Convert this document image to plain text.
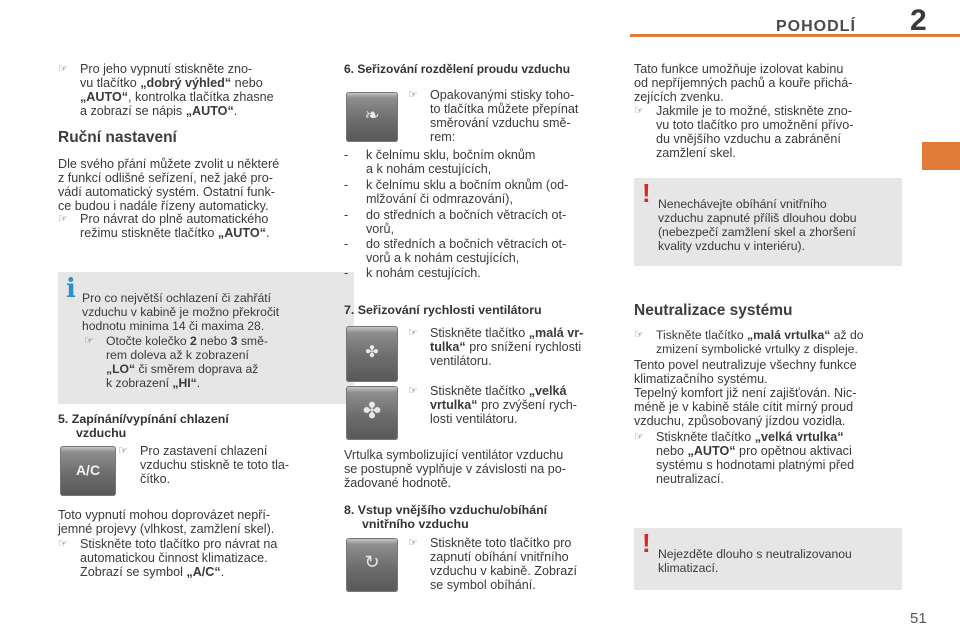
POHODLÍ 2
51
☞ Pro jeho vypnutí stiskněte zno-
vu tlačítko „dobrý výhled“ nebo
„AUTO“, kontrolka tlačítka zhasne
a zobrazí se nápis „AUTO“.
Ruční nastavení
Dle svého přání můžete zvolit u některé
z funkcí odlišné seřízení, než jaké pro-
vádí automatický systém. Ostatní funk-
ce budou i nadále řízeny automaticky.
☞ Pro návrat do plně automatického
režimu stiskněte tlačítko „AUTO“.
i Pro co největší ochlazení či zahřátí
vzduchu v kabině je možno překročit
hodnotu minima 14 či maxima 28.
☞ Otočte kolečko 2 nebo 3 smě-
rem doleva až k zobrazení
„LO“ či směrem doprava až
k zobrazení „HI“.
5. Zapínání/vypínání chlazení
vzduchu
A/C
☞ Pro zastavení chlazení
vzduchu stiskně te toto tla-
čítko.
Toto vypnutí mohou doprovázet nepří-
jemné projevy (vlhkost, zamžlení skel).
☞ Stiskněte toto tlačítko pro návrat na
automatickou činnost klimatizace.
Zobrazí se symbol „A/C“.
6. Seřizování rozdělení proudu vzduchu
❧
☞ Opakovanými stisky toho-
to tlačítka můžete přepínat
směrování vzduchu smě-
rem:
- k čelnímu sklu, bočním oknům
a k nohám cestujících,
- k čelnímu sklu a bočním oknům (od-
mlžování či odmrazování),
- do středních a bočních větracích ot-
vorů,
- do středních a bočních větracích ot-
vorů a k nohám cestujících,
- k nohám cestujících.
7. Seřizování rychlosti ventilátoru
✤
☞ Stiskněte tlačítko „malá vr-
tulka“ pro snížení rychlosti
ventilátoru.
✤
☞ Stiskněte tlačítko „velká
vrtulka“ pro zvýšení rych-
losti ventilátoru.
Vrtulka symbolizující ventilátor vzduchu
se postupně vyplňuje v závislosti na po-
žadované hodnotě.
8. Vstup vnějšího vzduchu/obíhání
vnitřního vzduchu
↻
☞ Stiskněte toto tlačítko pro
zapnutí obíhání vnitřního
vzduchu v kabině. Zobrazí
se symbol obíhání.
Tato funkce umožňuje izolovat kabinu
od nepříjemných pachů a kouře přichá-
zejících zvenku.
☞ Jakmile je to možné, stiskněte zno-
vu toto tlačítko pro umožnění přívo-
du vnějšího vzduchu a zabránění
zamžlení skel.
! Nenechávejte obíhání vnitřního
vzduchu zapnuté příliš dlouhou dobu
(nebezpečí zamžlení skel a zhoršení
kvality vzduchu v interiéru).
Neutralizace systému
☞ Tiskněte tlačítko „malá vrtulka“ až do
zmizení symbolické vrtulky z displeje.
Tento povel neutralizuje všechny funkce
klimatizačního systému.
Tepelný komfort již není zajišťován. Nic-
méně je v kabině stále cítit mírný proud
vzduchu, způsobovaný jízdou vozidla.
☞ Stiskněte tlačítko „velká vrtulka“
nebo „AUTO“ pro opětnou aktivaci
systému s hodnotami platnými před
neutralizací.
! Nejezděte dlouho s neutralizovanou
klimatizací.
